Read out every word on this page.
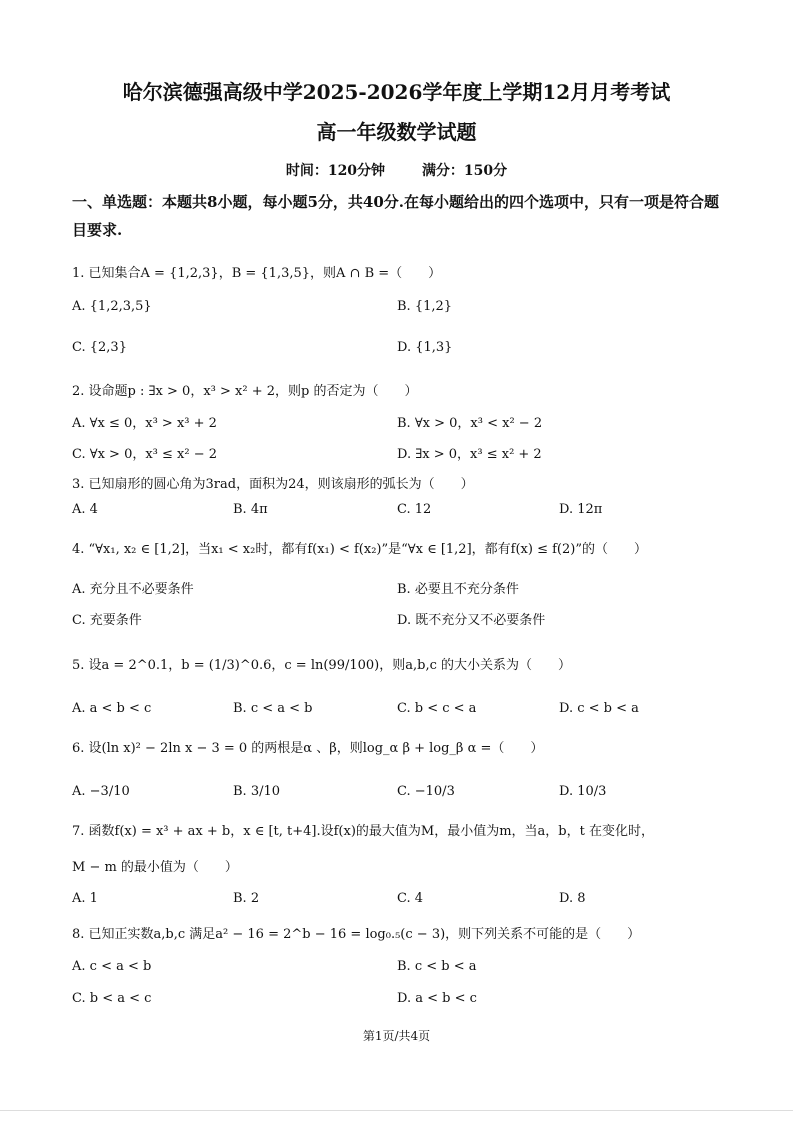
哈尔滨德强高级中学2025-2026学年度上学期12月月考考试
高一年级数学试题
时间：120分钟	满分：150分
一、单选题：本题共8小题，每小题5分，共40分.在每小题给出的四个选项中，只有一项是符合题目要求.
1. 已知集合A = {1,2,3}，B = {1,3,5}，则A ∩ B =（　　）
A. {1,2,3,5}	B. {1,2}
C. {2,3}	D. {1,3}
2. 设命题p : ∃x > 0，x³ > x² + 2，则p 的否定为（　　）
A. ∀x ≤ 0，x³ > x³ + 2	B. ∀x > 0，x³ < x² − 2
C. ∀x > 0，x³ ≤ x² − 2	D. ∃x > 0，x³ ≤ x² + 2
3. 已知扇形的圆心角为3rad，面积为24，则该扇形的弧长为（　　）
A. 4	B. 4π	C. 12	D. 12π
4. “∀x₁, x₂ ∈ [1,2]，当x₁ < x₂时，都有f(x₁) < f(x₂)”是“∀x ∈ [1,2]，都有f(x) ≤ f(2)”的（　　）
A. 充分且不必要条件	B. 必要且不充分条件
C. 充要条件	D. 既不充分又不必要条件
5. 设a = 2^0.1，b = (1/3)^0.6，c = ln(99/100)，则a,b,c 的大小关系为（　　）
A. a < b < c	B. c < a < b	C. b < c < a	D. c < b < a
6. 设(ln x)² − 2ln x − 3 = 0 的两根是α 、β，则log_α β + log_β α =（　　）
A. −3/10	B. 3/10	C. −10/3	D. 10/3
7. 函数f(x) = x³ + ax + b，x ∈ [t, t+4].设f(x)的最大值为M，最小值为m，当a，b，t 在变化时，
M − m 的最小值为（　　）
A. 1	B. 2	C. 4	D. 8
8. 已知正实数a,b,c 满足a² − 16 = 2^b − 16 = log₀.₅(c − 3)，则下列关系不可能的是（　　）
A. c < a < b	B. c < b < a
C. b < a < c	D. a < b < c
第1页/共4页
